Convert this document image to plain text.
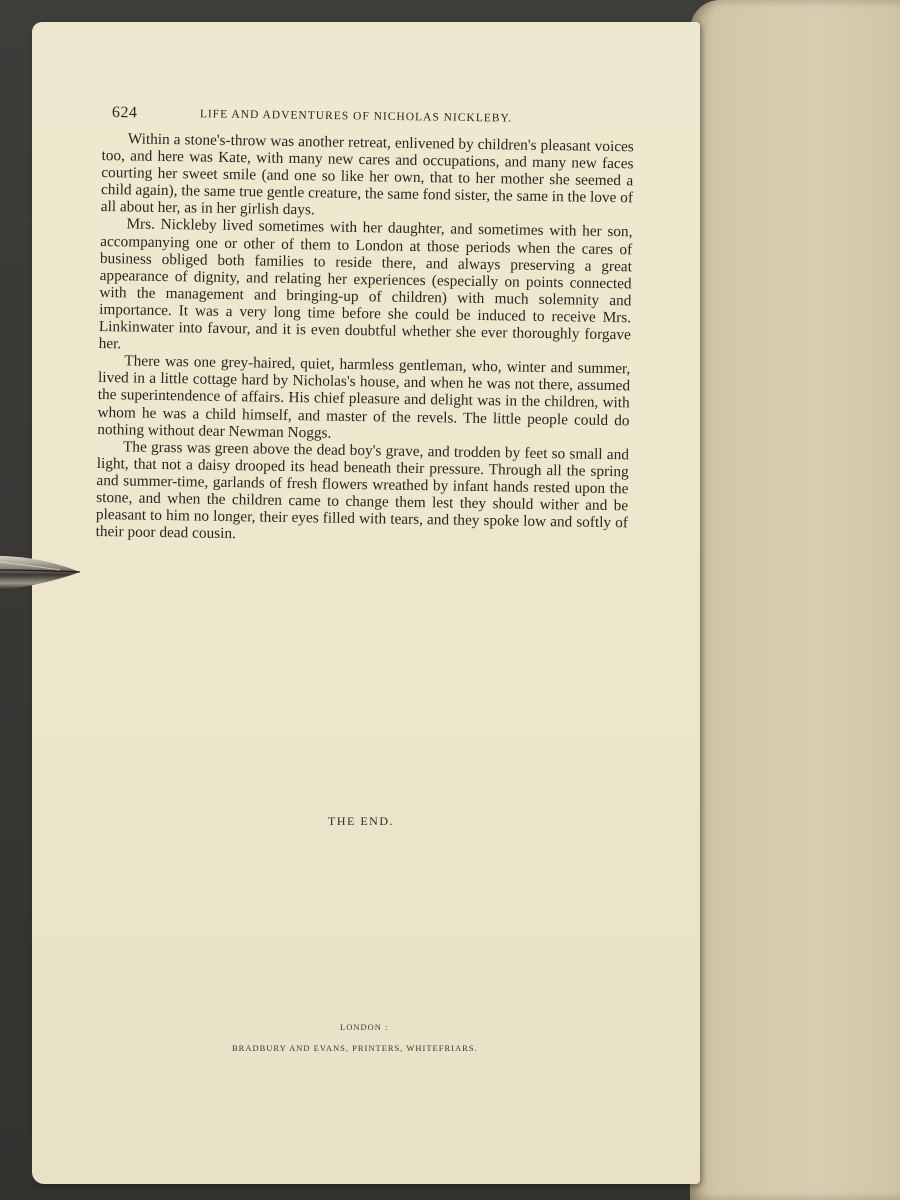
624	LIFE AND ADVENTURES OF NICHOLAS NICKLEBY.

Within a stone's-throw was another retreat, enlivened by children's pleasant voices too, and here was Kate, with many new cares and occupations, and many new faces courting her sweet smile (and one so like her own, that to her mother she seemed a child again), the same true gentle creature, the same fond sister, the same in the love of all about her, as in her girlish days.

Mrs. Nickleby lived sometimes with her daughter, and sometimes with her son, accompanying one or other of them to London at those periods when the cares of business obliged both families to reside there, and always preserving a great appearance of dignity, and relating her experiences (especially on points connected with the management and bringing-up of children) with much solemnity and importance. It was a very long time before she could be induced to receive Mrs. Linkinwater into favour, and it is even doubtful whether she ever thoroughly forgave her.

There was one grey-haired, quiet, harmless gentleman, who, winter and summer, lived in a little cottage hard by Nicholas's house, and when he was not there, assumed the superintendence of affairs. His chief pleasure and delight was in the children, with whom he was a child himself, and master of the revels. The little people could do nothing without dear Newman Noggs.

The grass was green above the dead boy's grave, and trodden by feet so small and light, that not a daisy drooped its head beneath their pressure. Through all the spring and summer-time, garlands of fresh flowers wreathed by infant hands rested upon the stone, and when the children came to change them lest they should wither and be pleasant to him no longer, their eyes filled with tears, and they spoke low and softly of their poor dead cousin.

THE END.
LONDON :
BRADBURY AND EVANS, PRINTERS, WHITEFRIARS.
